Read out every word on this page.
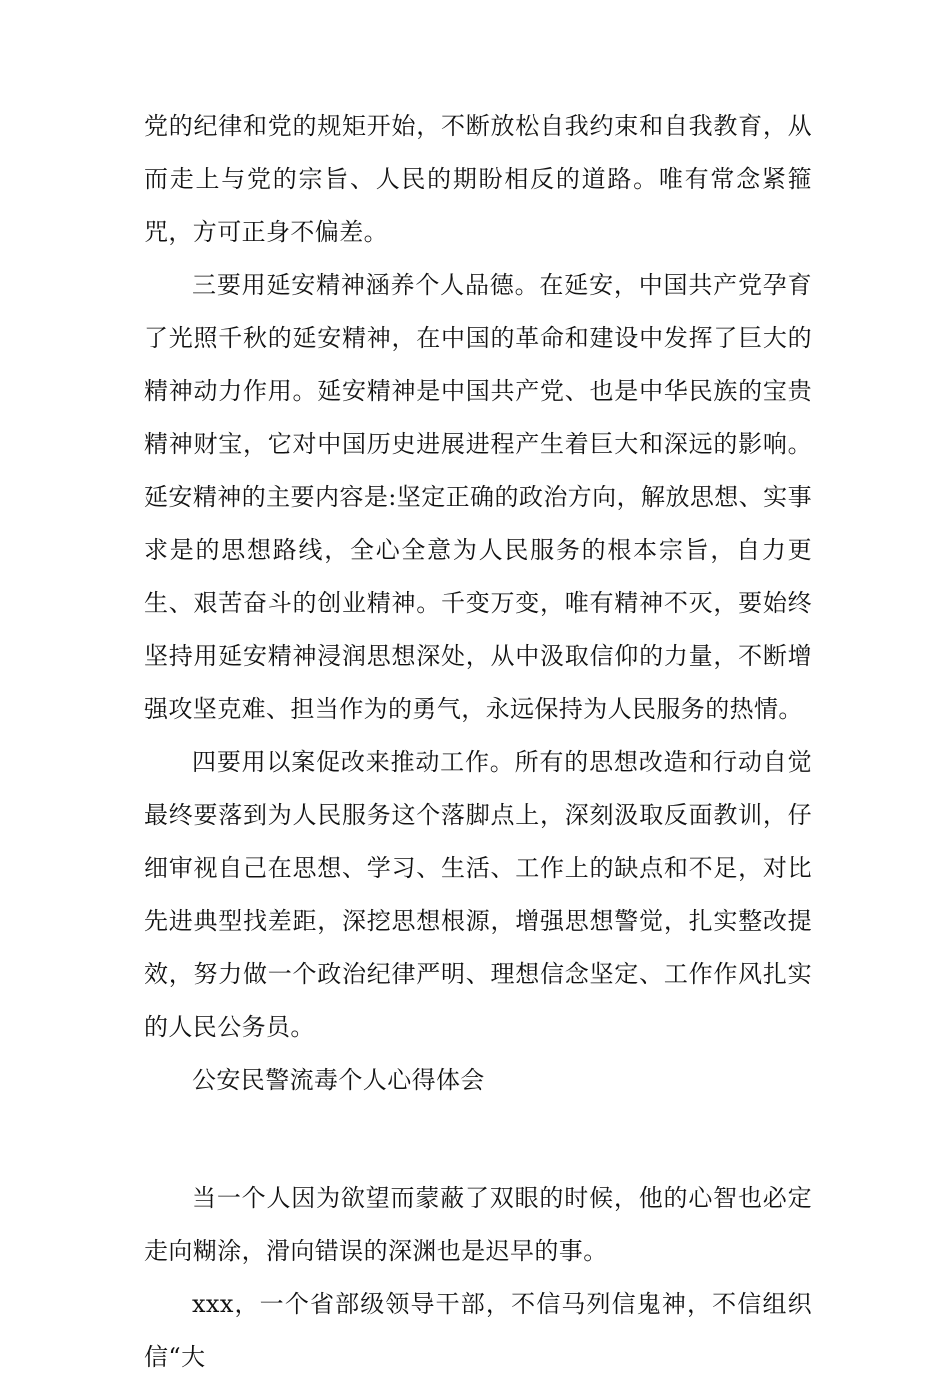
党的纪律和党的规矩开始，不断放松自我约束和自我教育，从而走上与党的宗旨、人民的期盼相反的道路。唯有常念紧箍咒，方可正身不偏差。

三要用延安精神涵养个人品德。在延安，中国共产党孕育了光照千秋的延安精神，在中国的革命和建设中发挥了巨大的精神动力作用。延安精神是中国共产党、也是中华民族的宝贵精神财宝，它对中国历史进展进程产生着巨大和深远的影响。延安精神的主要内容是:坚定正确的政治方向，解放思想、实事求是的思想路线，全心全意为人民服务的根本宗旨，自力更生、艰苦奋斗的创业精神。千变万变，唯有精神不灭，要始终坚持用延安精神浸润思想深处，从中汲取信仰的力量，不断增强攻坚克难、担当作为的勇气，永远保持为人民服务的热情。

四要用以案促改来推动工作。所有的思想改造和行动自觉最终要落到为人民服务这个落脚点上，深刻汲取反面教训，仔细审视自己在思想、学习、生活、工作上的缺点和不足，对比先进典型找差距，深挖思想根源，增强思想警觉，扎实整改提效，努力做一个政治纪律严明、理想信念坚定、工作作风扎实的人民公务员。

公安民警流毒个人心得体会

当一个人因为欲望而蒙蔽了双眼的时候，他的心智也必定走向糊涂，滑向错误的深渊也是迟早的事。

xxx，一个省部级领导干部，不信马列信鬼神，不信组织信“大
